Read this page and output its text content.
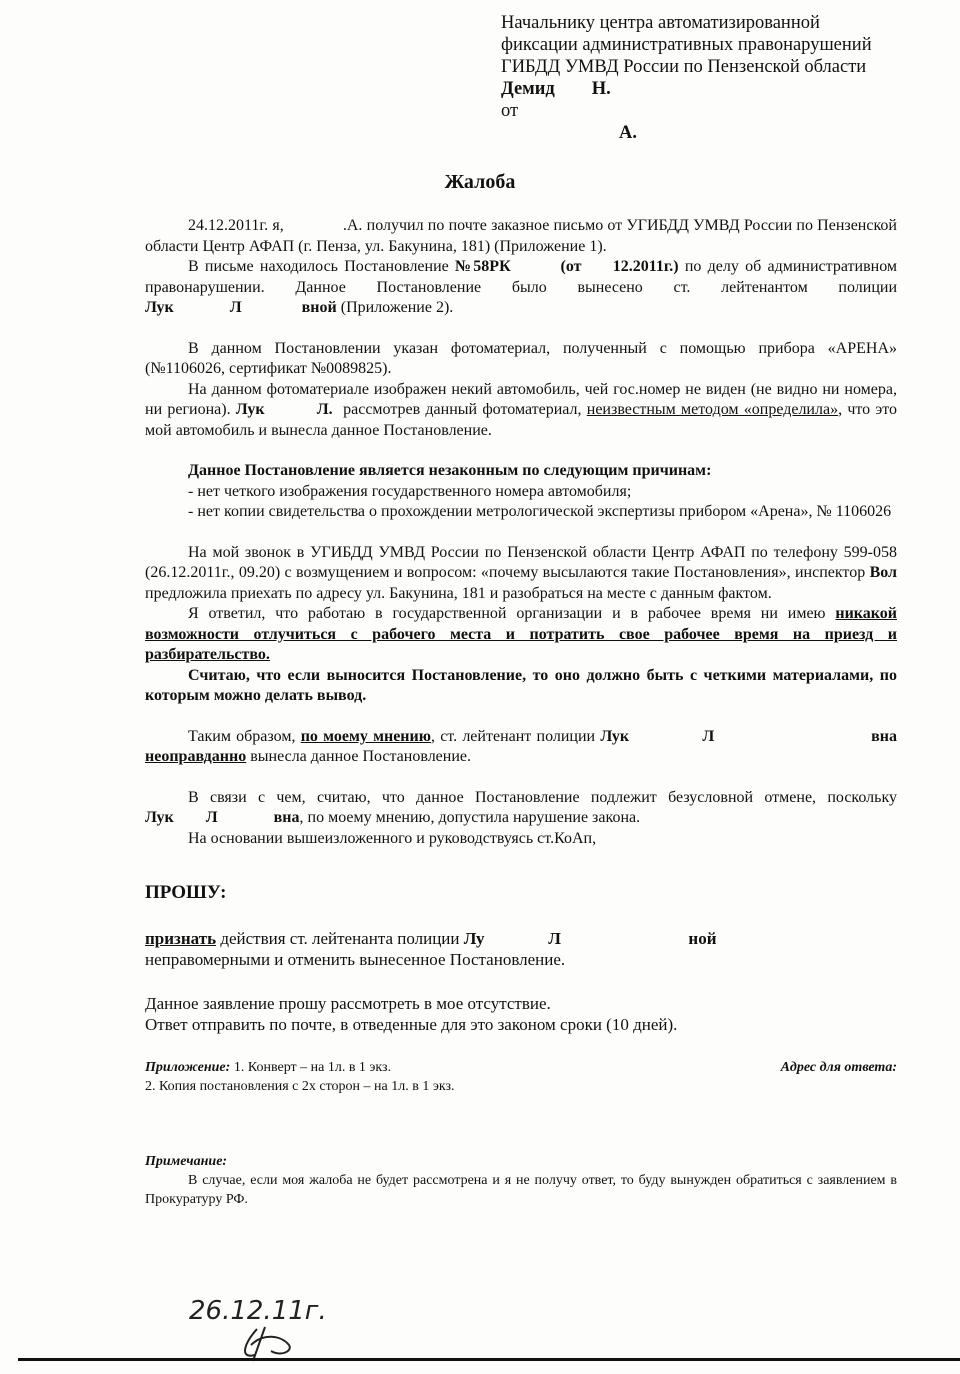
Начальнику центра автоматизированной
фиксации административных правонарушений
ГИБДД УМВД России по Пензенской области
Демид        Н.
от
А.
Жалоба

24.12.2011г. я,              .А. получил по почте заказное письмо от УГИБДД УМВД России по Пензенской области Центр АФАП (г. Пенза, ул. Бакунина, 181) (Приложение 1).

В письме находилось Постановление №58РК        (от     12.2011г.) по делу об административном правонарушении. Данное Постановление было вынесено ст. лейтенантом полиции Лук              Л               вной (Приложение 2).

В данном Постановлении указан фотоматериал, полученный с помощью прибора «АРЕНА» (№1106026, сертификат №0089825).

На данном фотоматериале изображен некий автомобиль, чей гос.номер не виден (не видно ни номера, ни региона). Лук          Л.  рассмотрев данный фотоматериал, неизвестным методом «определила», что это мой автомобиль и вынесла данное Постановление.

Данное Постановление является незаконным по следующим причинам:

- нет четкого изображения государственного номера автомобиля;

- нет копии свидетельства о прохождении метрологической экспертизы прибором «Арена», № 1106026

На мой звонок в УГИБДД УМВД России по Пензенской области Центр АФАП по телефону 599-058 (26.12.2011г., 09.20) с возмущением и вопросом: «почему высылаются такие Постановления», инспектор Вол           предложила приехать по адресу ул. Бакунина, 181 и разобраться на месте с данным фактом.

Я ответил, что работаю в государственной организации и в рабочее время ни имею никакой возможности отлучиться с рабочего места и потратить свое рабочее время на приезд и разбирательство.

Считаю, что если выносится Постановление, то оно должно быть с четкими материалами, по которым можно делать вывод.

Таким образом, по моему мнению, ст. лейтенант полиции Лук              Л                              вна неоправданно вынесла данное Постановление.

В связи с чем, считаю, что данное Постановление подлежит безусловной отмене, поскольку Лук        Л              вна, по моему мнению, допустила нарушение закона.

На основании вышеизложенного и руководствуясь ст.КоАп,

ПРОШУ:

признать действия ст. лейтенанта полиции Лу               Л                              ной
неправомерными и отменить вынесенное Постановление.

Данное заявление прошу рассмотреть в мое отсутствие.

Ответ отправить по почте, в отведенные для это законом сроки (10 дней).

Адрес для ответа:
Приложение: 1. Конверт – на 1л. в 1 экз.
2. Копия постановления с 2х сторон – на 1л. в 1 экз.
Примечание:

В случае, если моя жалоба не будет рассмотрена и я не получу ответ, то буду вынужден обратиться с заявлением в Прокуратуру РФ.

26.12.11г.
